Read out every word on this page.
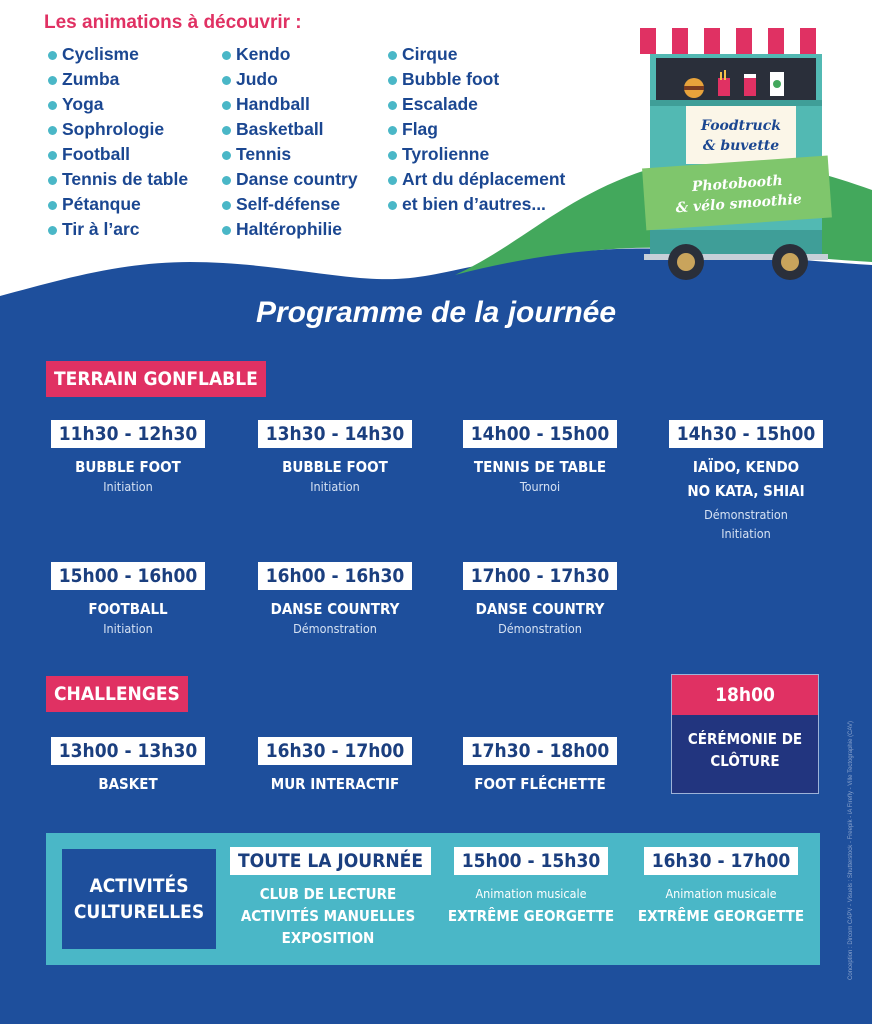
Les animations à découvrir :
Cyclisme
Zumba
Yoga
Sophrologie
Football
Tennis de table
Pétanque
Tir à l’arc
Kendo
Judo
Handball
Basketball
Tennis
Danse country
Self-défense
Haltérophilie
Cirque
Bubble foot
Escalade
Flag
Tyrolienne
Art du déplacement
et bien d’autres...
Foodtruck
& buvette
Photobooth
& vélo smoothie
Programme de la journée
TERRAIN GONFLABLE
11h30 - 12h30
BUBBLE FOOT
Initiation
13h30 - 14h30
BUBBLE FOOT
Initiation
14h00 - 15h00
TENNIS DE TABLE
Tournoi
14h30 - 15h00
IAÏDO, KENDO
NO KATA, SHIAI
Démonstration
Initiation
15h00 - 16h00
FOOTBALL
Initiation
16h00 - 16h30
DANSE COUNTRY
Démonstration
17h00 - 17h30
DANSE COUNTRY
Démonstration
CHALLENGES
13h00 - 13h30
BASKET
16h30 - 17h00
MUR INTERACTIF
17h30 - 18h00
FOOT FLÉCHETTE
18h00
CÉRÉMONIE DE
CLÔTURE
ACTIVITÉS
CULTURELLES
TOUTE LA JOURNÉE
CLUB DE LECTURE
ACTIVITÉS MANUELLES
EXPOSITION
15h00 - 15h30
Animation musicale
EXTRÊME GEORGETTE
16h30 - 17h00
Animation musicale
EXTRÊME GEORGETTE	Conception : Dircom CAPV - Visuels : Shutterstock - Freepik - iA Firefly - Ville Tectographie (CAV)
